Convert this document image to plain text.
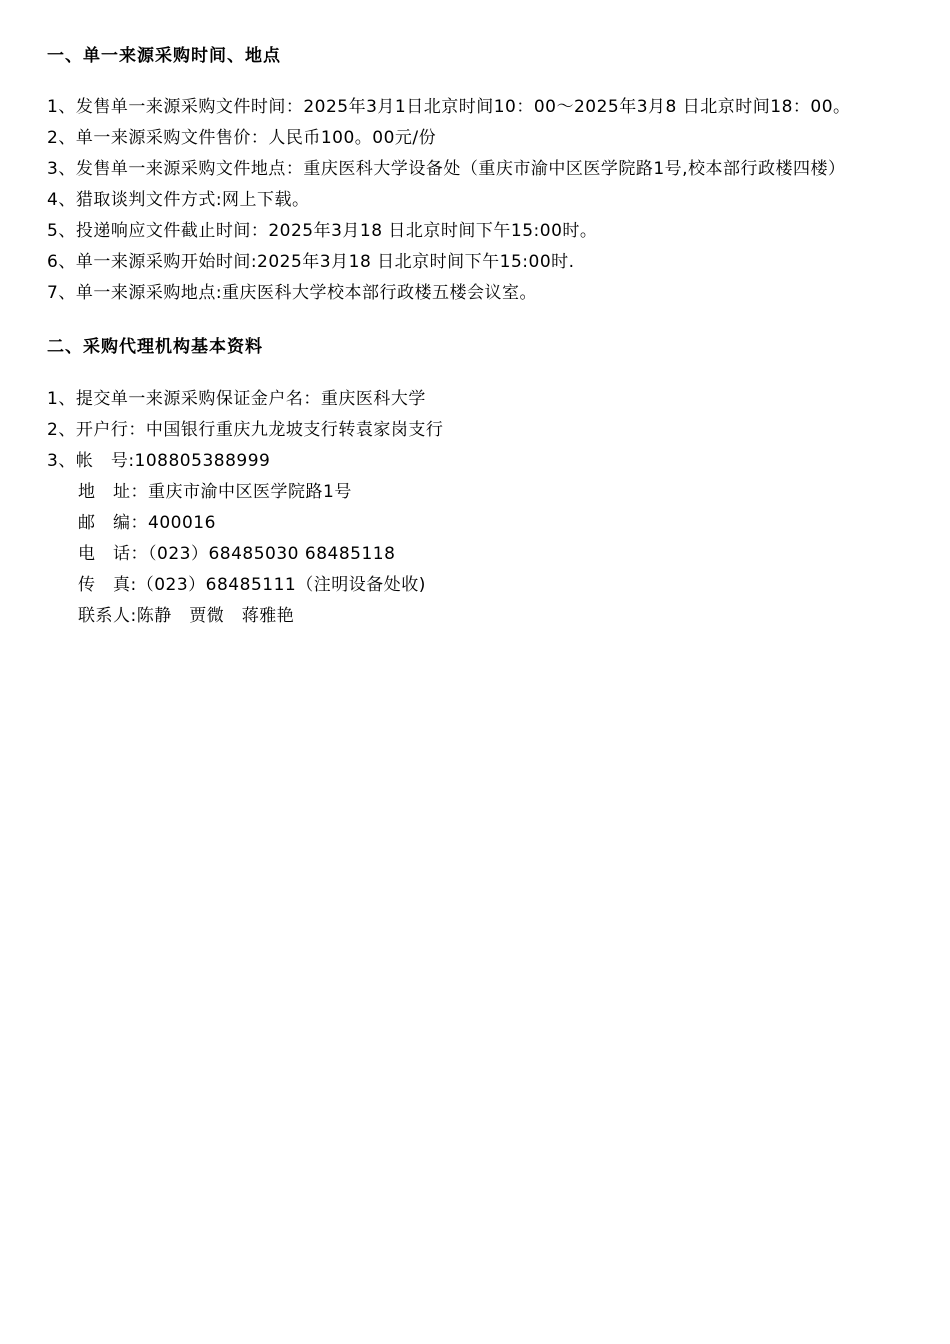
一、单一来源采购时间、地点
1、发售单一来源采购文件时间：2025年3月1日北京时间10：00～2025年3月8 日北京时间18：00。
2、单一来源采购文件售价：人民币100。00元/份
3、发售单一来源采购文件地点：重庆医科大学设备处（重庆市渝中区医学院路1号,校本部行政楼四楼）
4、猎取谈判文件方式:网上下载。
5、投递响应文件截止时间：2025年3月18 日北京时间下午15:00时。
6、单一来源采购开始时间:2025年3月18 日北京时间下午15:00时.
7、单一来源采购地点:重庆医科大学校本部行政楼五楼会议室。
二、采购代理机构基本资料
1、提交单一来源采购保证金户名：重庆医科大学
2、开户行：中国银行重庆九龙坡支行转袁家岗支行
3、帐　号:108805388999
地　址：重庆市渝中区医学院路1号
邮　编：400016
电　话：（023）68485030 68485118
传　真:（023）68485111（注明设备处收)
联系人:陈静　贾微　蒋雅艳
